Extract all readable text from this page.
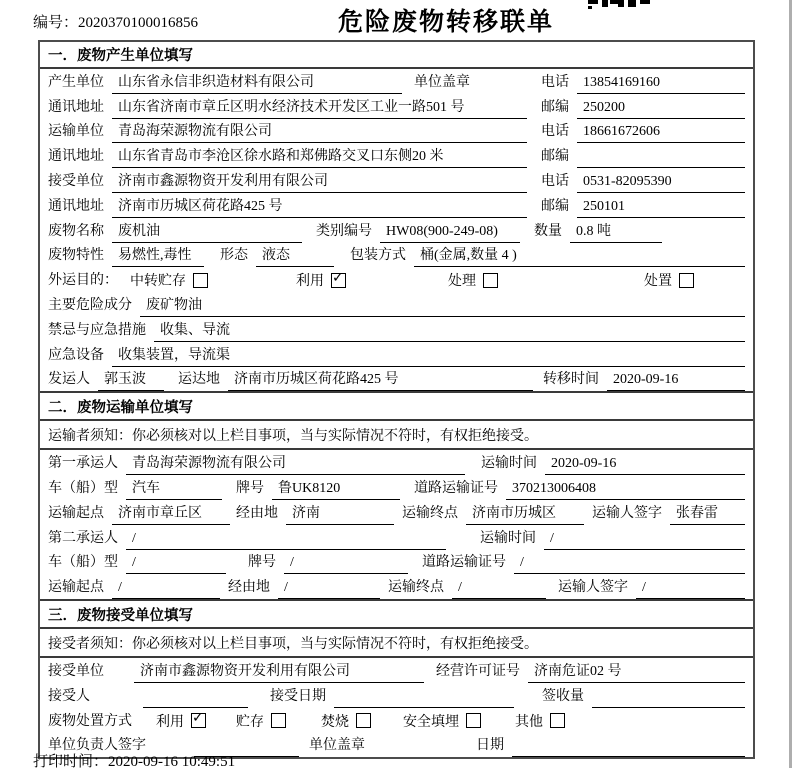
编号：2020370100016856	危险废物转移联单
一．废物产生单位填写
产生单位	山东省永信非织造材料有限公司	单位盖章	电话	13854169160
通讯地址	山东省济南市章丘区明水经济技术开发区工业一路501 号	邮编	250200
运输单位	青岛海荣源物流有限公司	电话	18661672606
通讯地址	山东省青岛市李沧区徐水路和郑佛路交叉口东侧20 米	邮编
接受单位	济南市鑫源物资开发利用有限公司	电话	0531-82095390
通讯地址	济南市历城区荷花路425 号	邮编	250101
废物名称	废机油	类别编号	HW08(900-249-08)	数量	0.8 吨
废物特性	易燃性,毒性	形态	液态	包装方式	桶(金属,数量 4 )
外运目的： 中转贮存	利用 ✓	处理	处置
主要危险成分	废矿物油
禁忌与应急措施	收集、导流
应急设备	收集装置，导流渠
发运人	郭玉波	运达地	济南市历城区荷花路425 号	转移时间	2020-09-16
二．废物运输单位填写
运输者须知：你必须核对以上栏目事项，当与实际情况不符时，有权拒绝接受。
第一承运人	青岛海荣源物流有限公司	运输时间	2020-09-16
车（船）型	汽车	牌号	鲁UK8120	道路运输证号	370213006408
运输起点	济南市章丘区	经由地	济南	运输终点	济南市历城区	运输人签字	张春雷
第二承运人	/	运输时间	/
车（船）型	/	牌号	/	道路运输证号	/
运输起点	/	经由地	/	运输终点	/	运输人签字	/
三．废物接受单位填写
接受者须知：你必须核对以上栏目事项，当与实际情况不符时，有权拒绝接受。
接受单位	济南市鑫源物资开发利用有限公司	经营许可证号	济南危证02 号
接受人	接受日期	签收量
废物处置方式 利用 ✓ 贮存	焚烧	安全填埋	其他
单位负责人签字	单位盖章	日期
打印时间：2020-09-16 10:49:51
